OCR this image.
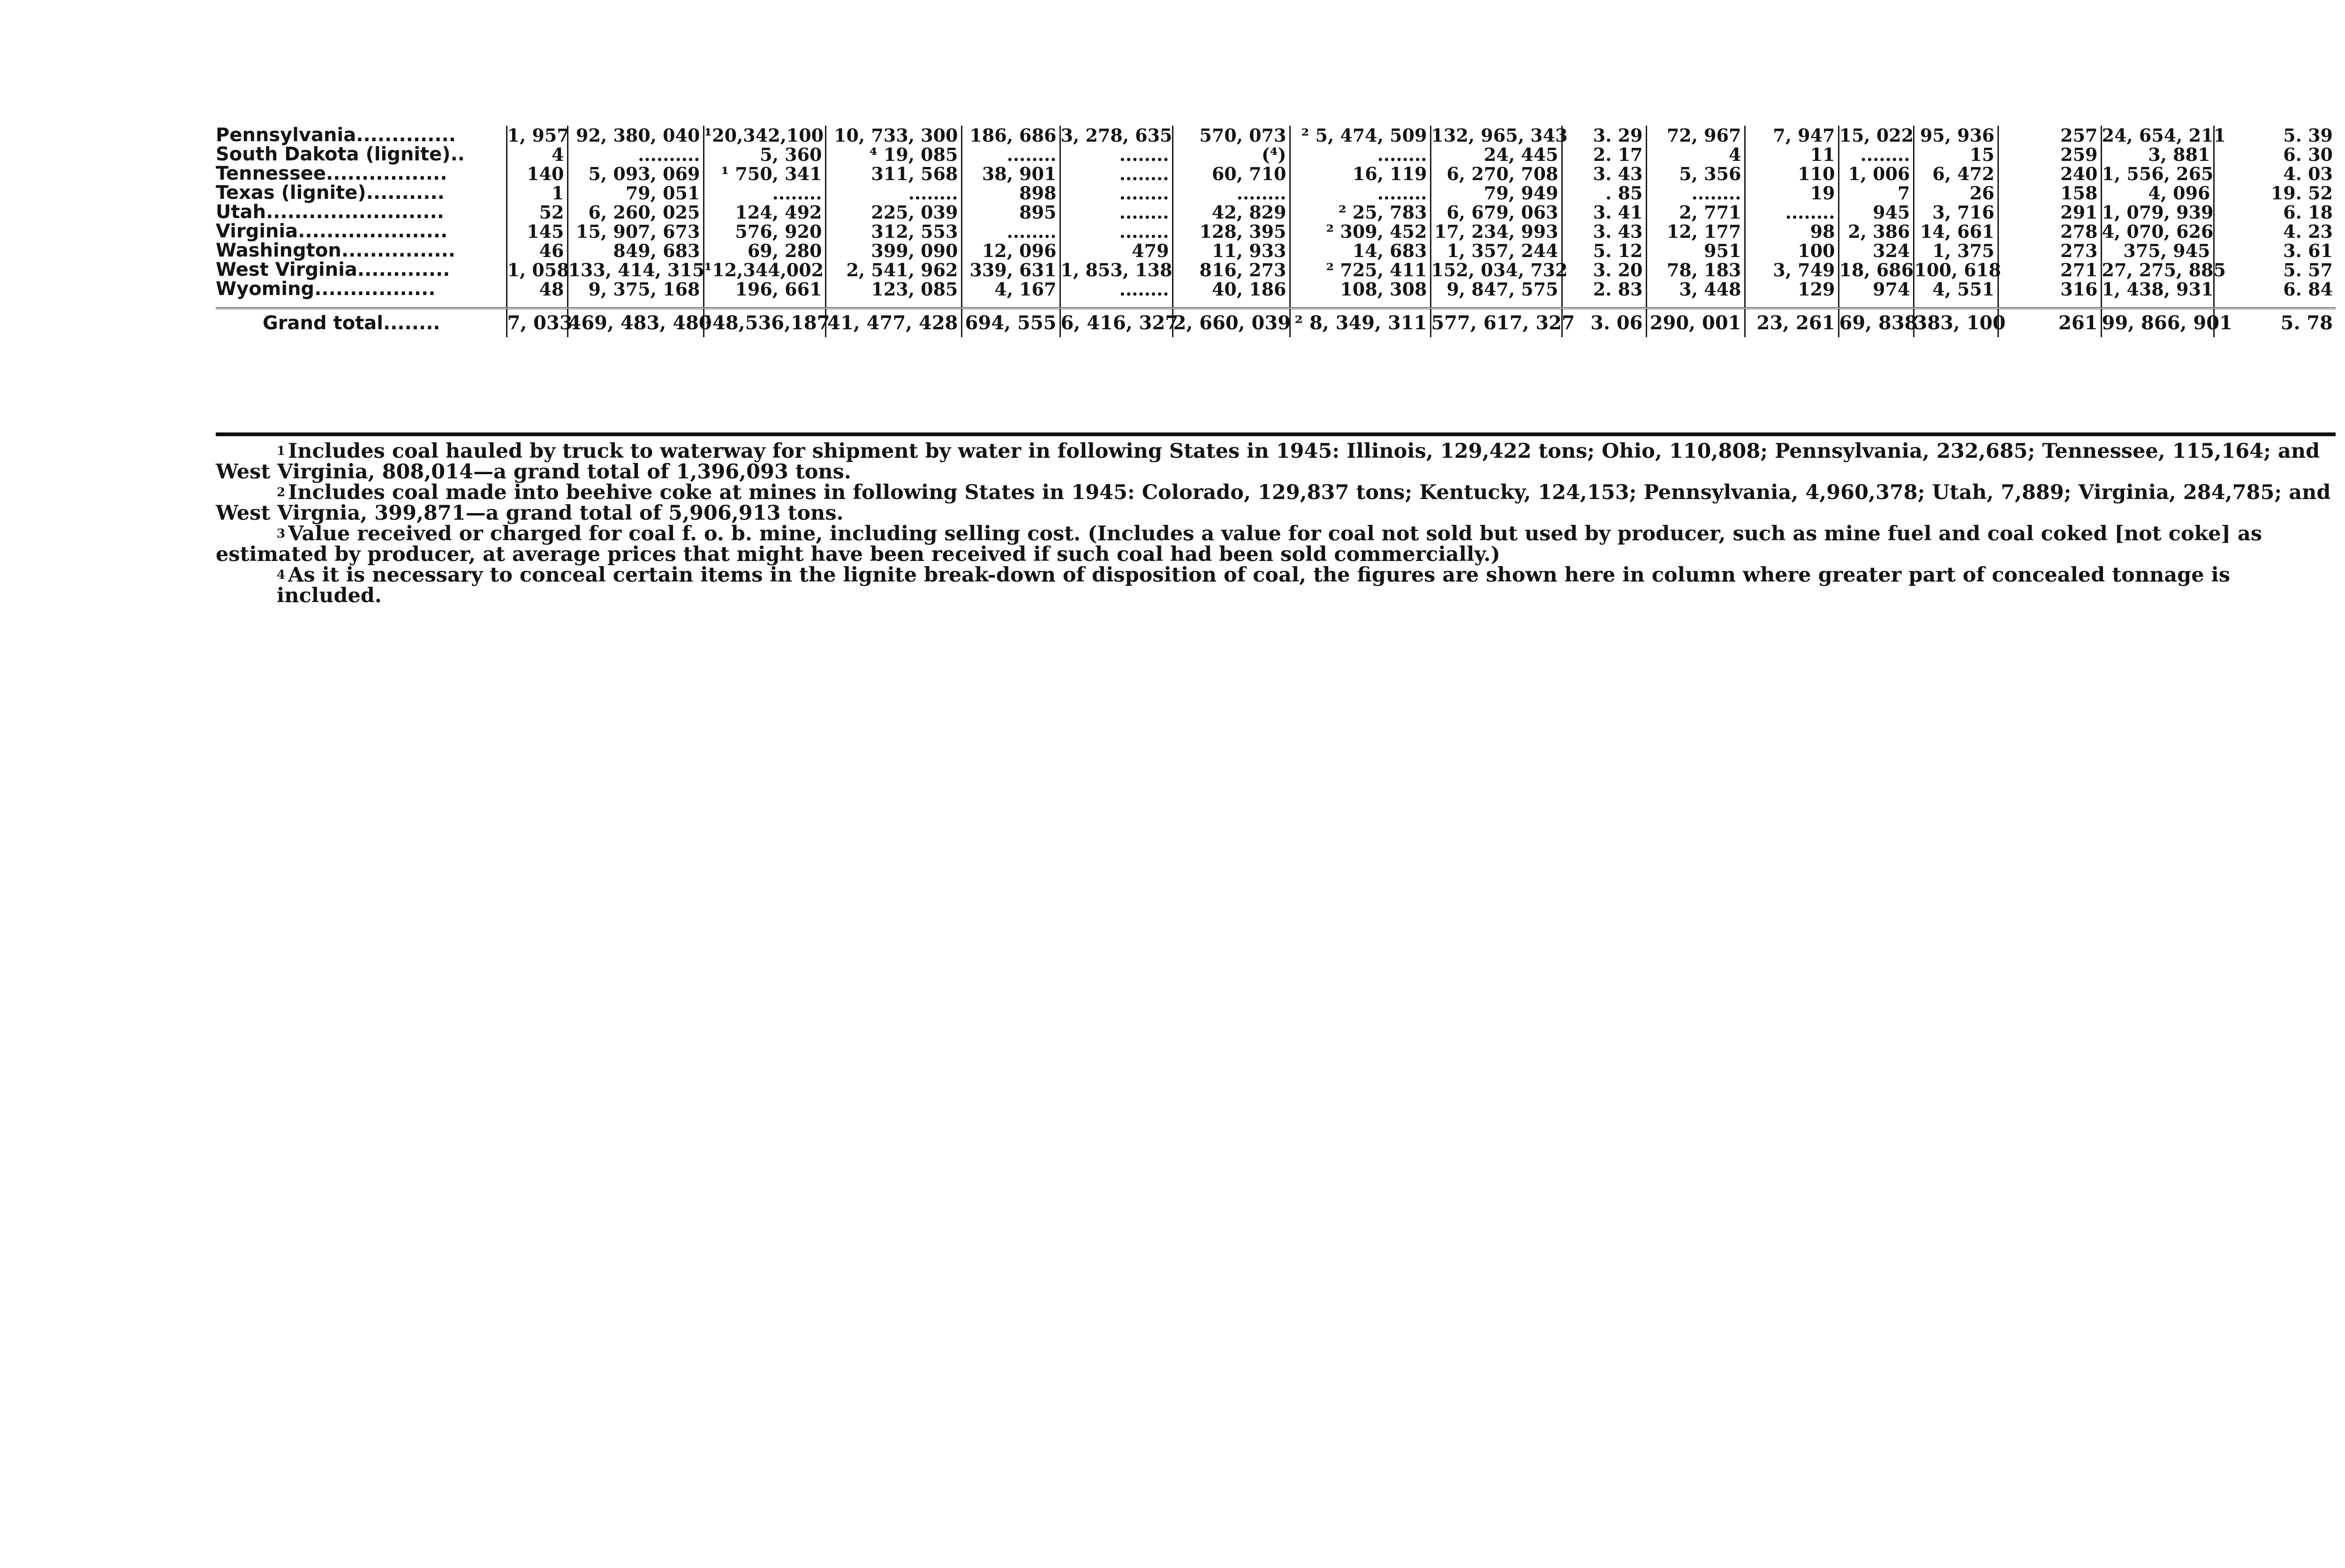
Pennsylvania..............	1, 957	92, 380, 040	¹20,342,100	10, 733, 300	186, 686	3, 278, 635	570, 073	² 5, 474, 509	132, 965, 343	3. 29	72, 967	7, 947	15, 022	95, 936	257	24, 654, 211	5. 39
South Dakota (lignite)..	4	..........	5, 360	⁴ 19, 085	........	........	(⁴)	........	24, 445	2. 17	4	11	........	15	259	3, 881	6. 30
Tennessee.................	140	5, 093, 069	¹ 750, 341	311, 568	38, 901	........	60, 710	16, 119	6, 270, 708	3. 43	5, 356	110	1, 006	6, 472	240	1, 556, 265	4. 03
Texas (lignite)...........	1	79, 051	........	........	898	........	........	........	79, 949	. 85	........	19	7	26	158	4, 096	19. 52
Utah.........................	52	6, 260, 025	124, 492	225, 039	895	........	42, 829	² 25, 783	6, 679, 063	3. 41	2, 771	........	945	3, 716	291	1, 079, 939	6. 18
Virginia.....................	145	15, 907, 673	576, 920	312, 553	........	........	128, 395	² 309, 452	17, 234, 993	3. 43	12, 177	98	2, 386	14, 661	278	4, 070, 626	4. 23
Washington................	46	849, 683	69, 280	399, 090	12, 096	479	11, 933	14, 683	1, 357, 244	5. 12	951	100	324	1, 375	273	375, 945	3. 61
West Virginia.............	1, 058	133, 414, 315	¹12,344,002	2, 541, 962	339, 631	1, 853, 138	816, 273	² 725, 411	152, 034, 732	3. 20	78, 183	3, 749	18, 686	100, 618	271	27, 275, 885	5. 57
Wyoming.................	48	9, 375, 168	196, 661	123, 085	4, 167	........	40, 186	108, 308	9, 847, 575	2. 83	3, 448	129	974	4, 551	316	1, 438, 931	6. 84

Grand total........	7, 033	469, 483, 480	¹48,536,187	41, 477, 428	694, 555	6, 416, 327	2, 660, 039	² 8, 349, 311	577, 617, 327	3. 06	290, 001	23, 261	69, 838	383, 100	261	99, 866, 901	5. 78

$^1$ Includes coal hauled by truck to waterway for shipment by water in following States in 1945: Illinois, 129,422 tons; Ohio, 110,808; Pennsylvania, 232,685; Tennessee, 115,164; and

West Virginia, 808,014—a grand total of 1,396,093 tons.

$^2$ Includes coal made into beehive coke at mines in following States in 1945: Colorado, 129,837 tons; Kentucky, 124,153; Pennsylvania, 4,960,378; Utah, 7,889; Virginia, 284,785; and

West Virgnia, 399,871—a grand total of 5,906,913 tons.

$^3$ Value received or charged for coal f. o. b. mine, including selling cost. (Includes a value for coal not sold but used by producer, such as mine fuel and coal coked [not coke] as

estimated by producer, at average prices that might have been received if such coal had been sold commercially.)

$^4$ As it is necessary to conceal certain items in the lignite break-down of disposition of coal, the figures are shown here in column where greater part of concealed tonnage is included.
